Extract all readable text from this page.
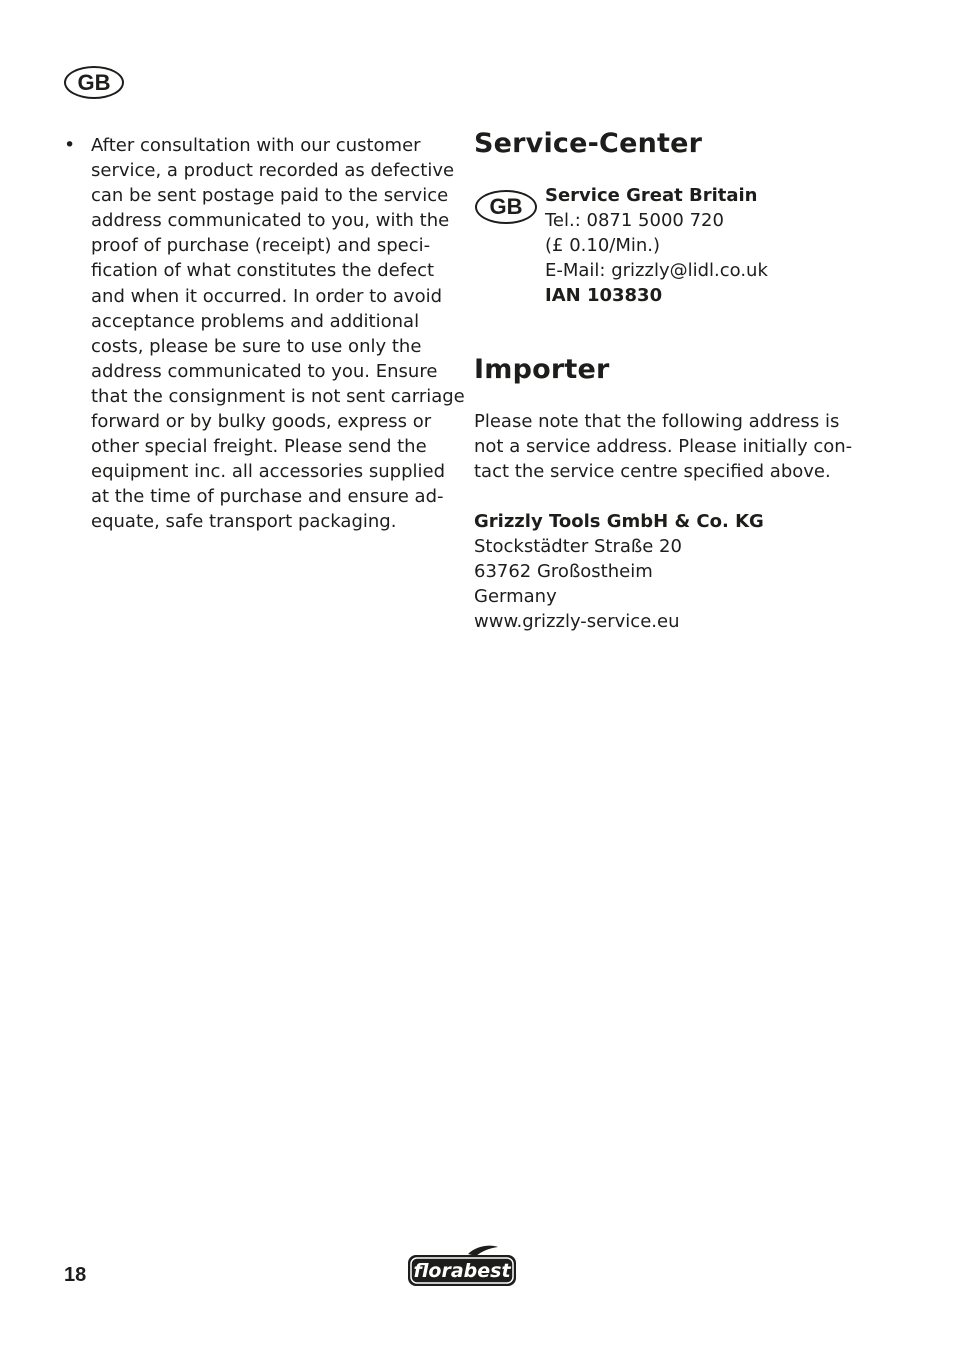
GB
• After consultation with our customer
service, a product recorded as defective
can be sent postage paid to the service
address communicated to you, with the
proof of purchase (receipt) and speci-
fication of what constitutes the defect
and when it occurred. In order to avoid
acceptance problems and additional
costs, please be sure to use only the
address communicated to you. Ensure
that the consignment is not sent carriage
forward or by bulky goods, express or
other special freight. Please send the
equipment inc. all accessories supplied
at the time of purchase and ensure ad-
equate, safe transport packaging.
Service-Center
GB	Service Great Britain
Tel.: 0871 5000 720
(£ 0.10/Min.)
E-Mail: grizzly@lidl.co.uk
IAN 103830
Importer
Please note that the following address is
not a service address. Please initially con-
tact the service centre specified above.
Grizzly Tools GmbH & Co. KG
Stockstädter Straße 20
63762 Großostheim
Germany
www.grizzly-service.eu
18	florabest
